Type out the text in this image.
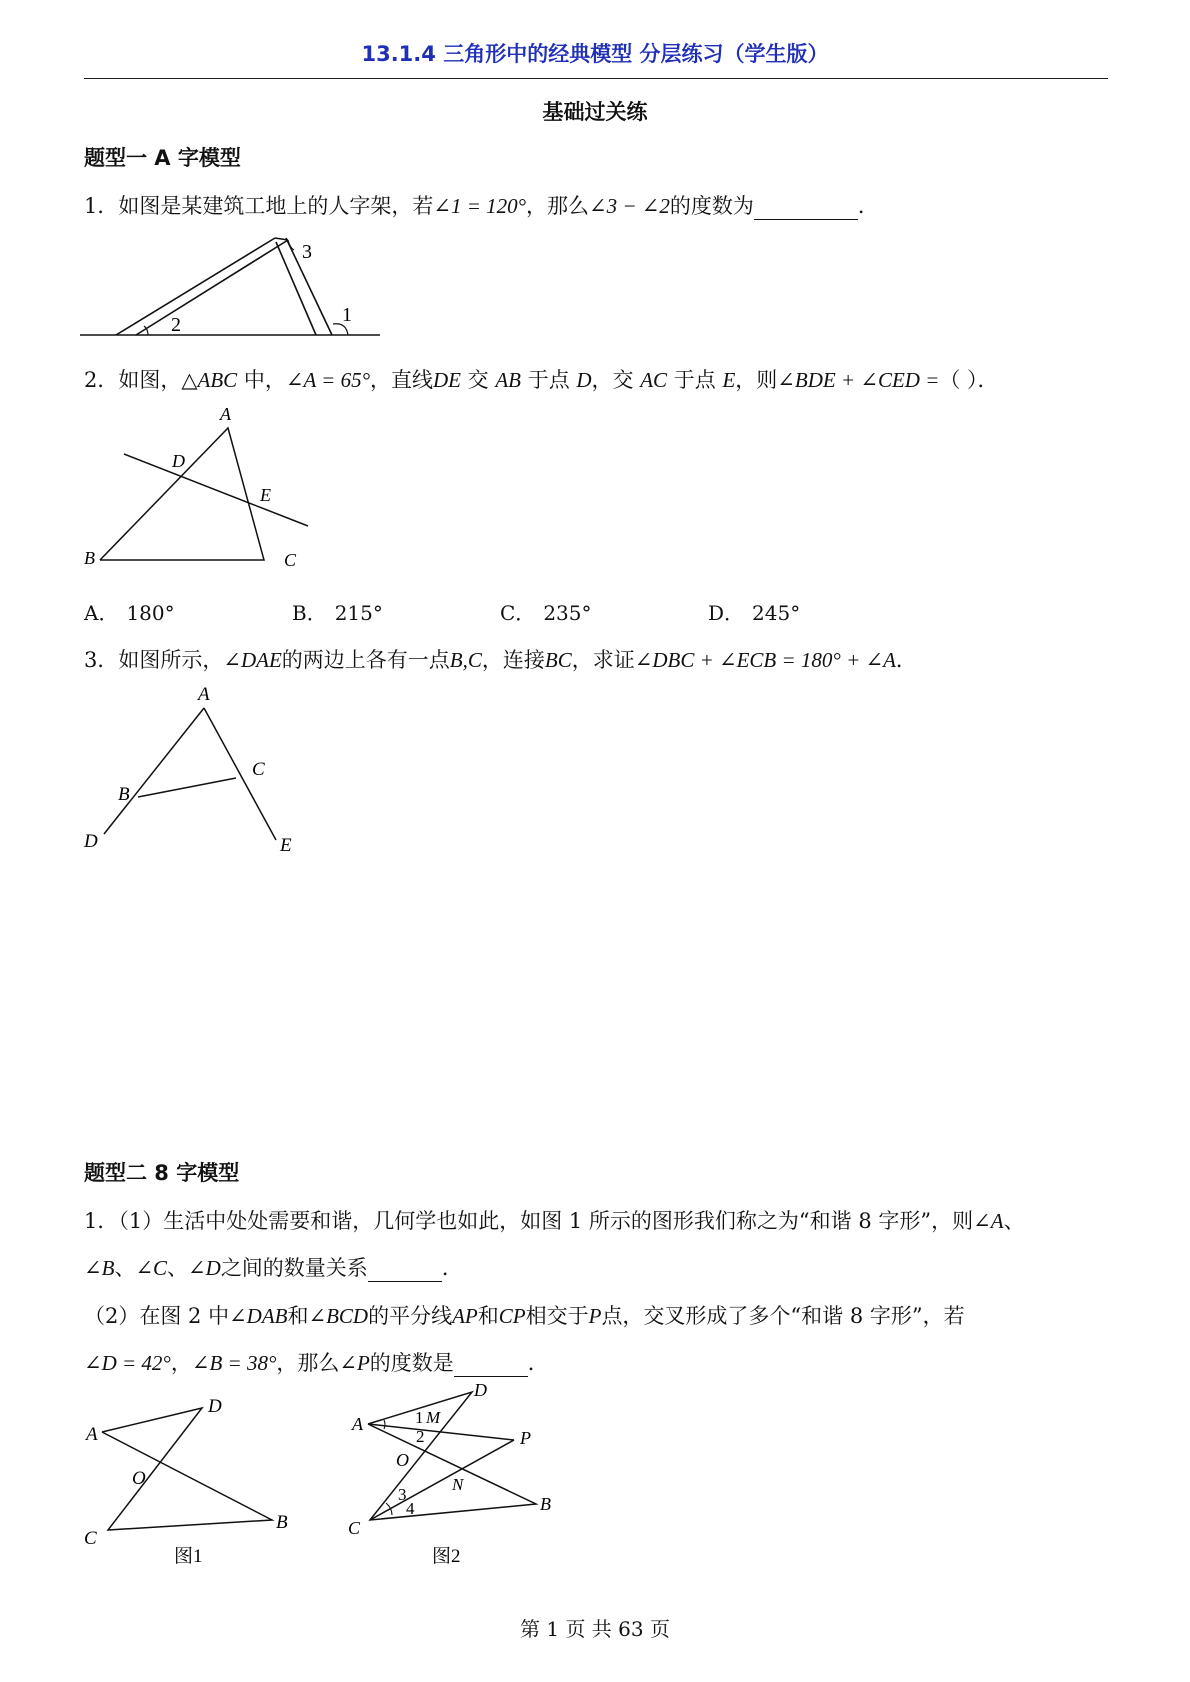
13.1.4 三角形中的经典模型 分层练习（学生版）
基础过关练
题型一 A 字模型
1．如图是某建筑工地上的人字架，若∠1 = 120°，那么∠3 − ∠2的度数为	．
3
2	1
2．如图，△ABC 中，∠A = 65°，直线DE 交 AB 于点 D，交 AC 于点 E，则∠BDE + ∠CED =（ ）．
A
D
E
B	C
A． 180°	B． 215°	C． 235°	D． 245°
3．如图所示，∠DAE的两边上各有一点B,C，连接BC，求证∠DBC + ∠ECB = 180° + ∠A．
A
C
B
D	E
题型二 8 字模型
1．（1）生活中处处需要和谐，几何学也如此，如图 1 所示的图形我们称之为“和谐 8 字形”，则∠A、
∠B、∠C、∠D之间的数量关系	．
（2）在图 2 中∠DAB和∠BCD的平分线AP和CP相交于P点，交叉形成了多个“和谐 8 字形”，若
∠D = 42°，∠B = 38°，那么∠P的度数是	．
A
D
O
C
B
图1
A
D
1 M
2	P
O
3
N
4
C
B
图2
第 1 页 共 63 页
